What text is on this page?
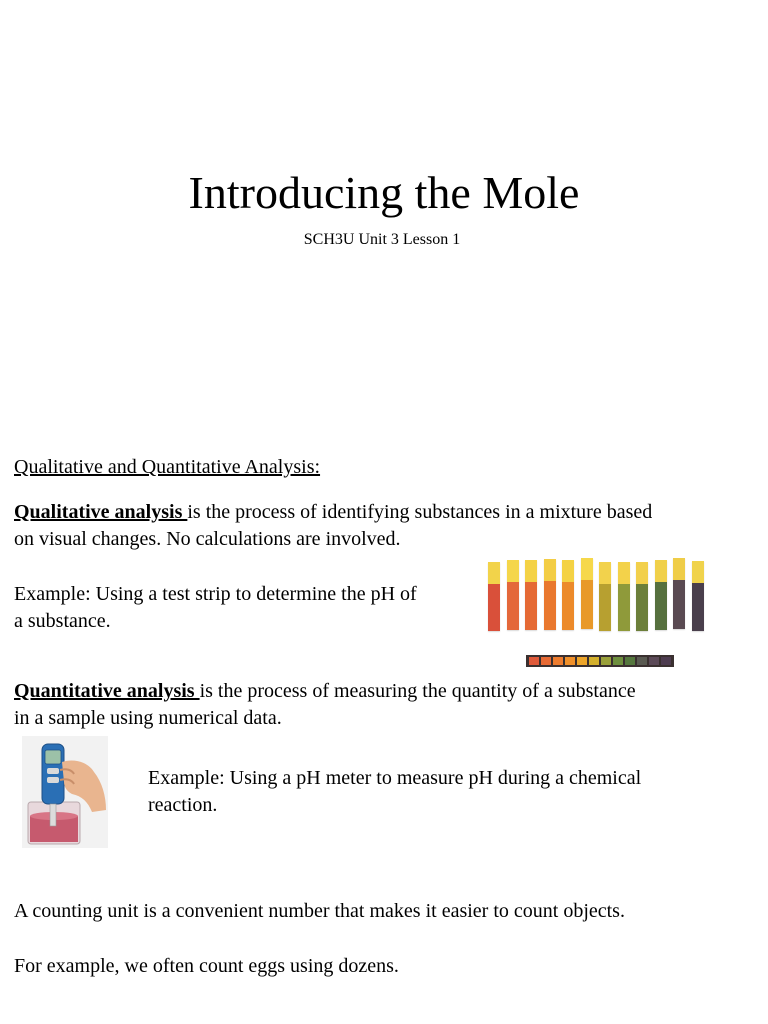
Introducing the Mole
SCH3U Unit 3 Lesson 1
Qualitative and Quantitative Analysis:
Qualitative analysis is the process of identifying substances in a mixture based
on visual changes. No calculations are involved.
Example: Using a test strip to determine the pH of
a substance.
Quantitative analysis is the process of measuring the quantity of a substance
in a sample using numerical data.
Example: Using a pH meter to measure pH during a chemical
reaction.
A counting unit is a convenient number that makes it easier to count objects.
For example, we often count eggs using dozens.
